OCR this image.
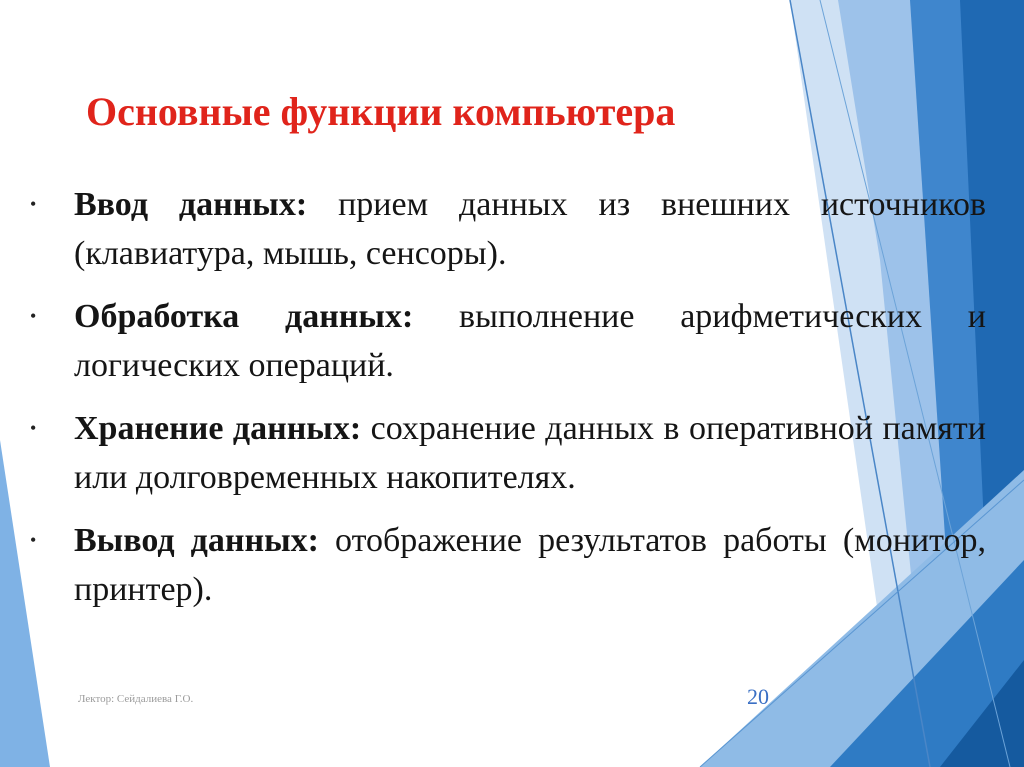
Основные функции компьютера
• Ввод данных: прием данных из внешних источников (клавиатура, мышь, сенсоры).
• Обработка данных: выполнение арифметических и логических операций.
• Хранение данных: сохранение данных в оперативной памяти или долговременных накопителях.
• Вывод данных: отображение результатов работы (монитор, принтер).
Лектор: Сейдалиева Г.О.	20
